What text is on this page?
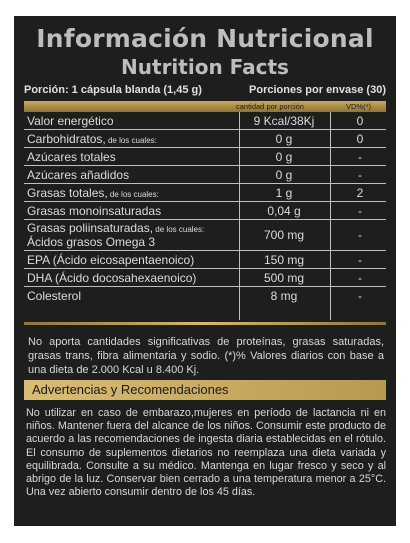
Información Nutricional
Nutrition Facts
Porción: 1 cápsula blanda (1,45 g)	Porciones por envase (30)
cantidad por porción	VD%(*)
Valor energético	9 Kcal/38Kj	0
Carbohidratos, de los cuales:	0 g	0
Azúcares totales	0 g	-
Azúcares añadidos	0 g	-
Grasas totales, de los cuales:	1 g	2
Grasas monoinsaturadas	0,04 g	-
Grasas poliinsaturadas, de los cuales:
Ácidos grasos Omega 3	700 mg	-
EPA (Ácido eicosapentaenoico)	150 mg	-
DHA (Ácido docosahexaenoico)	500 mg	-
Colesterol	8 mg	-
No aporta cantidades significativas de proteínas, grasas saturadas, grasas trans, fibra alimentaria y sodio. (*)% Valores diarios con base a una dieta de 2.000 Kcal u 8.400 Kj.
Advertencias y Recomendaciones
No utilizar en caso de embarazo,mujeres en período de lactancia ni en niños. Mantener fuera del alcance de los niños. Consumir este producto de acuerdo a las recomendaciones de ingesta diaria establecidas en el rótulo. El consumo de suplementos dietarios no reemplaza una dieta variada y equilibrada. Consulte a su médico. Mantenga en lugar fresco y seco y al abrigo de la luz. Conservar bien cerrado a una temperatura menor a 25°C. Una vez abierto consumir dentro de los 45 días.
